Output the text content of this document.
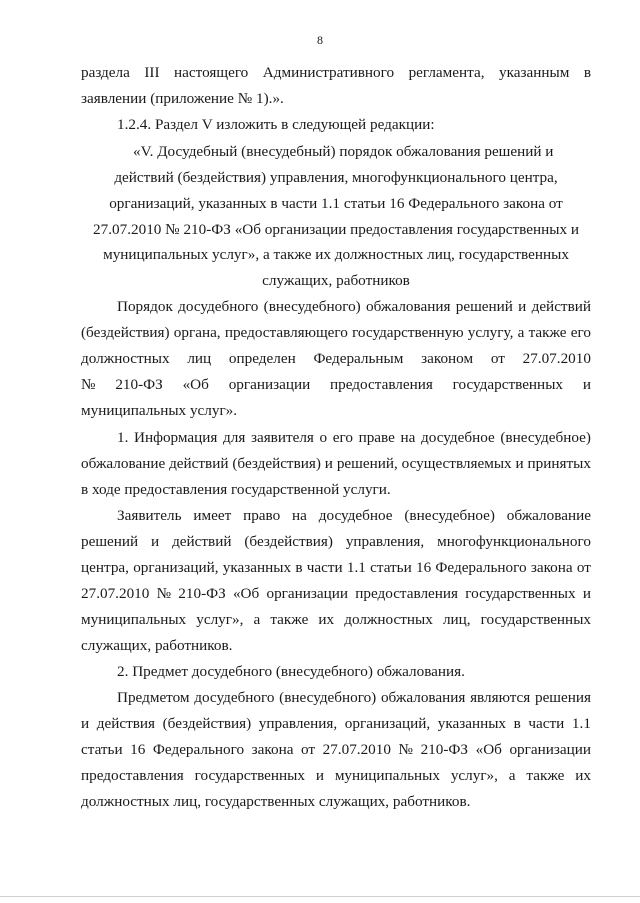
8
раздела III настоящего Административного регламента, указанным в
заявлении (приложение № 1).».
1.2.4. Раздел V изложить в следующей редакции:
«V. Досудебный (внесудебный) порядок обжалования решений и
действий (бездействия) управления, многофункционального центра,
организаций, указанных в части 1.1 статьи 16 Федерального закона от
27.07.2010 № 210-ФЗ «Об организации предоставления государственных и
муниципальных услуг», а также их должностных лиц, государственных
служащих, работников
Порядок досудебного (внесудебного) обжалования решений и действий
(бездействия) органа, предоставляющего государственную услугу, а также его
должностных лиц определен Федеральным законом от 27.07.2010
№ 210-ФЗ «Об организации предоставления государственных и
муниципальных услуг».
1. Информация для заявителя о его праве на досудебное (внесудебное)
обжалование действий (бездействия) и решений, осуществляемых и принятых
в ходе предоставления государственной услуги.
Заявитель имеет право на досудебное (внесудебное) обжалование
решений и действий (бездействия) управления, многофункционального
центра, организаций, указанных в части 1.1 статьи 16 Федерального закона от
27.07.2010 № 210-ФЗ «Об организации предоставления государственных и
муниципальных услуг», а также их должностных лиц, государственных
служащих, работников.
2. Предмет досудебного (внесудебного) обжалования.
Предметом досудебного (внесудебного) обжалования являются решения
и действия (бездействия) управления, организаций, указанных в части 1.1
статьи 16 Федерального закона от 27.07.2010 № 210-ФЗ «Об организации
предоставления государственных и муниципальных услуг», а также их
должностных лиц, государственных служащих, работников.
